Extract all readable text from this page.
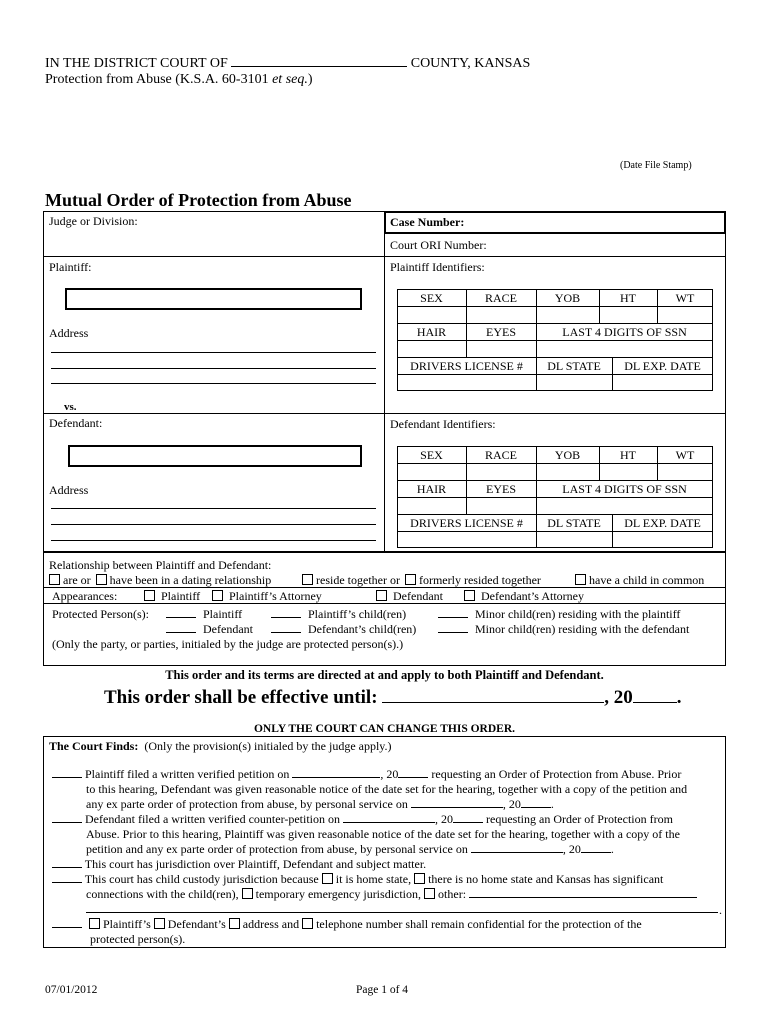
IN THE DISTRICT COURT OF	COUNTY, KANSAS
Protection from Abuse (K.S.A. 60-3101 et seq.)
(Date File Stamp)
Mutual Order of Protection from Abuse
Judge or Division:	Case Number:
Court ORI Number:
Plaintiff:	Plaintiff Identifiers:
Address
vs.
Defendant:	Defendant Identifiers:
Address
SEX	RACE	YOB	HT	WT
HAIR	EYES	LAST 4 DIGITS OF SSN
DRIVERS LICENSE #	DL STATE	DL EXP. DATE
SEX	RACE	YOB	HT	WT
HAIR	EYES	LAST 4 DIGITS OF SSN
DRIVERS LICENSE #	DL STATE	DL EXP. DATE
Relationship between Plaintiff and Defendant:
are or have been in a dating relationship	reside together or formerly resided together	have a child in common
Appearances:	Plaintiff	Plaintiff’s Attorney	Defendant	Defendant’s Attorney
Protected Person(s):	Plaintiff	Plaintiff’s child(ren)	Minor child(ren) residing with the plaintiff
Defendant	Defendant’s child(ren)	Minor child(ren) residing with the defendant
(Only the party, or parties, initialed by the judge are protected person(s).)
This order and its terms are directed at and apply to both Plaintiff and Defendant.
This order shall be effective until:	, 20 .
ONLY THE COURT CAN CHANGE THIS ORDER.
The Court Finds: (Only the provision(s) initialed by the judge apply.)
Plaintiff filed a written verified petition on	, 20	requesting an Order of Protection from Abuse. Prior
to this hearing, Defendant was given reasonable notice of the date set for the hearing, together with a copy of the petition and
any ex parte order of protection from abuse, by personal service on	, 20	.
Defendant filed a written verified counter-petition on	, 20	requesting an Order of Protection from
Abuse. Prior to this hearing, Plaintiff was given reasonable notice of the date set for the hearing, together with a copy of the
petition and any ex parte order of protection from abuse, by personal service on	, 20	.
This court has jurisdiction over Plaintiff, Defendant and subject matter.
This court has child custody jurisdiction because it is home state, there is no home state and Kansas has significant
connections with the child(ren), temporary emergency jurisdiction, other:
.
Plaintiff’s Defendant’s address and telephone number shall remain confidential for the protection of the
protected person(s).
07/01/2012	Page 1 of 4
